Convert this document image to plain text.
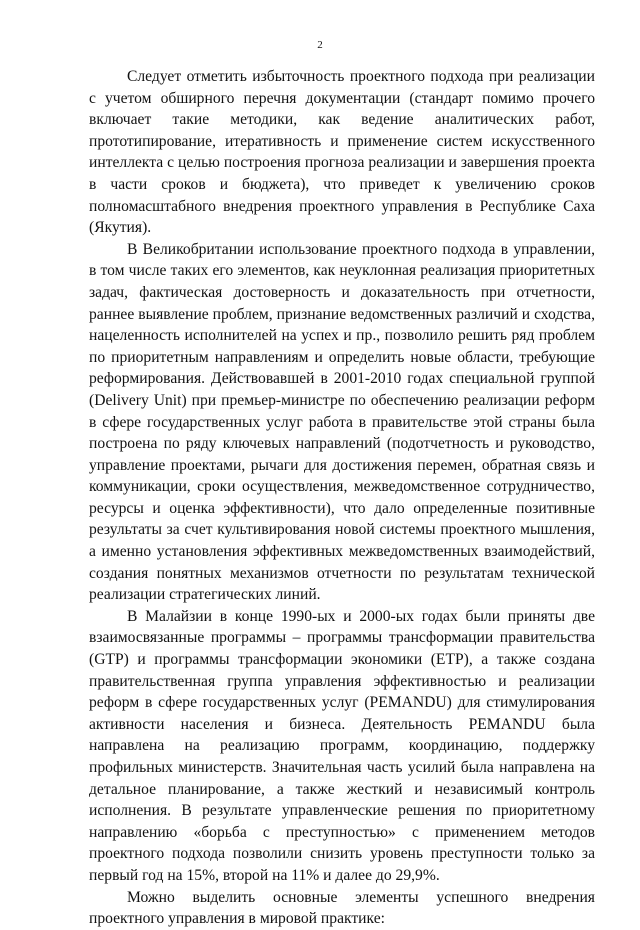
2

Следует отметить избыточность проектного подхода при реализации с учетом обширного перечня документации (стандарт помимо прочего включает такие методики, как ведение аналитических работ, прототипирование, итеративность и применение систем искусственного интеллекта с целью построения прогноза реализации и завершения проекта в части сроков и бюджета), что приведет к увеличению сроков полномасштабного внедрения проектного управления в Республике Саха (Якутия).

В Великобритании использование проектного подхода в управлении, в том числе таких его элементов, как неуклонная реализация приоритетных задач, фактическая достоверность и доказательность при отчетности, раннее выявление проблем, признание ведомственных различий и сходства, нацеленность исполнителей на успех и пр., позволило решить ряд проблем по приоритетным направлениям и определить новые области, требующие реформирования. Действовавшей в 2001-2010 годах специальной группой (Delivery Unit) при премьер-министре по обеспечению реализации реформ в сфере государственных услуг работа в правительстве этой страны была построена по ряду ключевых направлений (подотчетность и руководство, управление проектами, рычаги для достижения перемен, обратная связь и коммуникации, сроки осуществления, межведомственное сотрудничество, ресурсы и оценка эффективности), что дало определенные позитивные результаты за счет культивирования новой системы проектного мышления, а именно установления эффективных межведомственных взаимодействий, создания понятных механизмов отчетности по результатам технической реализации стратегических линий.

В Малайзии в конце 1990-ых и 2000-ых годах были приняты две взаимосвязанные программы – программы трансформации правительства (GTP) и программы трансформации экономики (ETP), а также создана правительственная группа управления эффективностью и реализации реформ в сфере государственных услуг (PEMANDU) для стимулирования активности населения и бизнеса. Деятельность PEMANDU была направлена на реализацию программ, координацию, поддержку профильных министерств. Значительная часть усилий была направлена на детальное планирование, а также жесткий и независимый контроль исполнения. В результате управленческие решения по приоритетному направлению «борьба с преступностью» с применением методов проектного подхода позволили снизить уровень преступности только за первый год на 15%, второй на 11% и далее до 29,9%.

Можно выделить основные элементы успешного внедрения проектного управления в мировой практике:
